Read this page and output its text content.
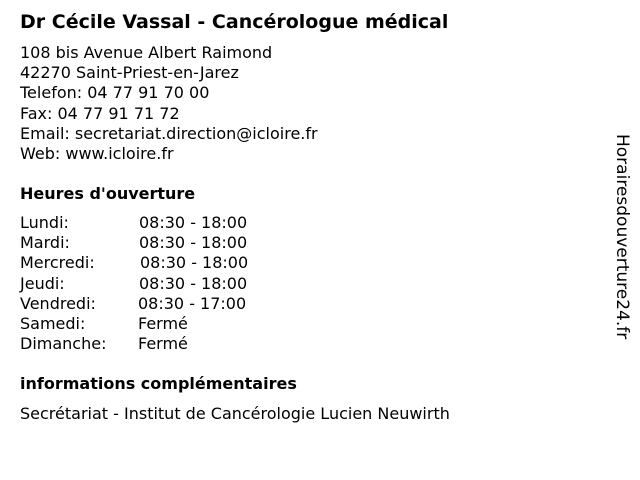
Dr Cécile Vassal - Cancérologue médical
108 bis Avenue Albert Raimond
42270 Saint-Priest-en-Jarez
Telefon: 04 77 91 70 00
Fax: 04 77 91 71 72
Email: secretariat.direction@icloire.fr
Web: www.icloire.fr
Heures d'ouverture
Lundi:	08:30 - 18:00
Mardi:	08:30 - 18:00
Mercredi:	08:30 - 18:00
Jeudi:	08:30 - 18:00
Vendredi:	08:30 - 17:00
Samedi:	Fermé
Dimanche: Fermé
informations complémentaires
Secrétariat - Institut de Cancérologie Lucien Neuwirth
Horairesdouverture24.fr
